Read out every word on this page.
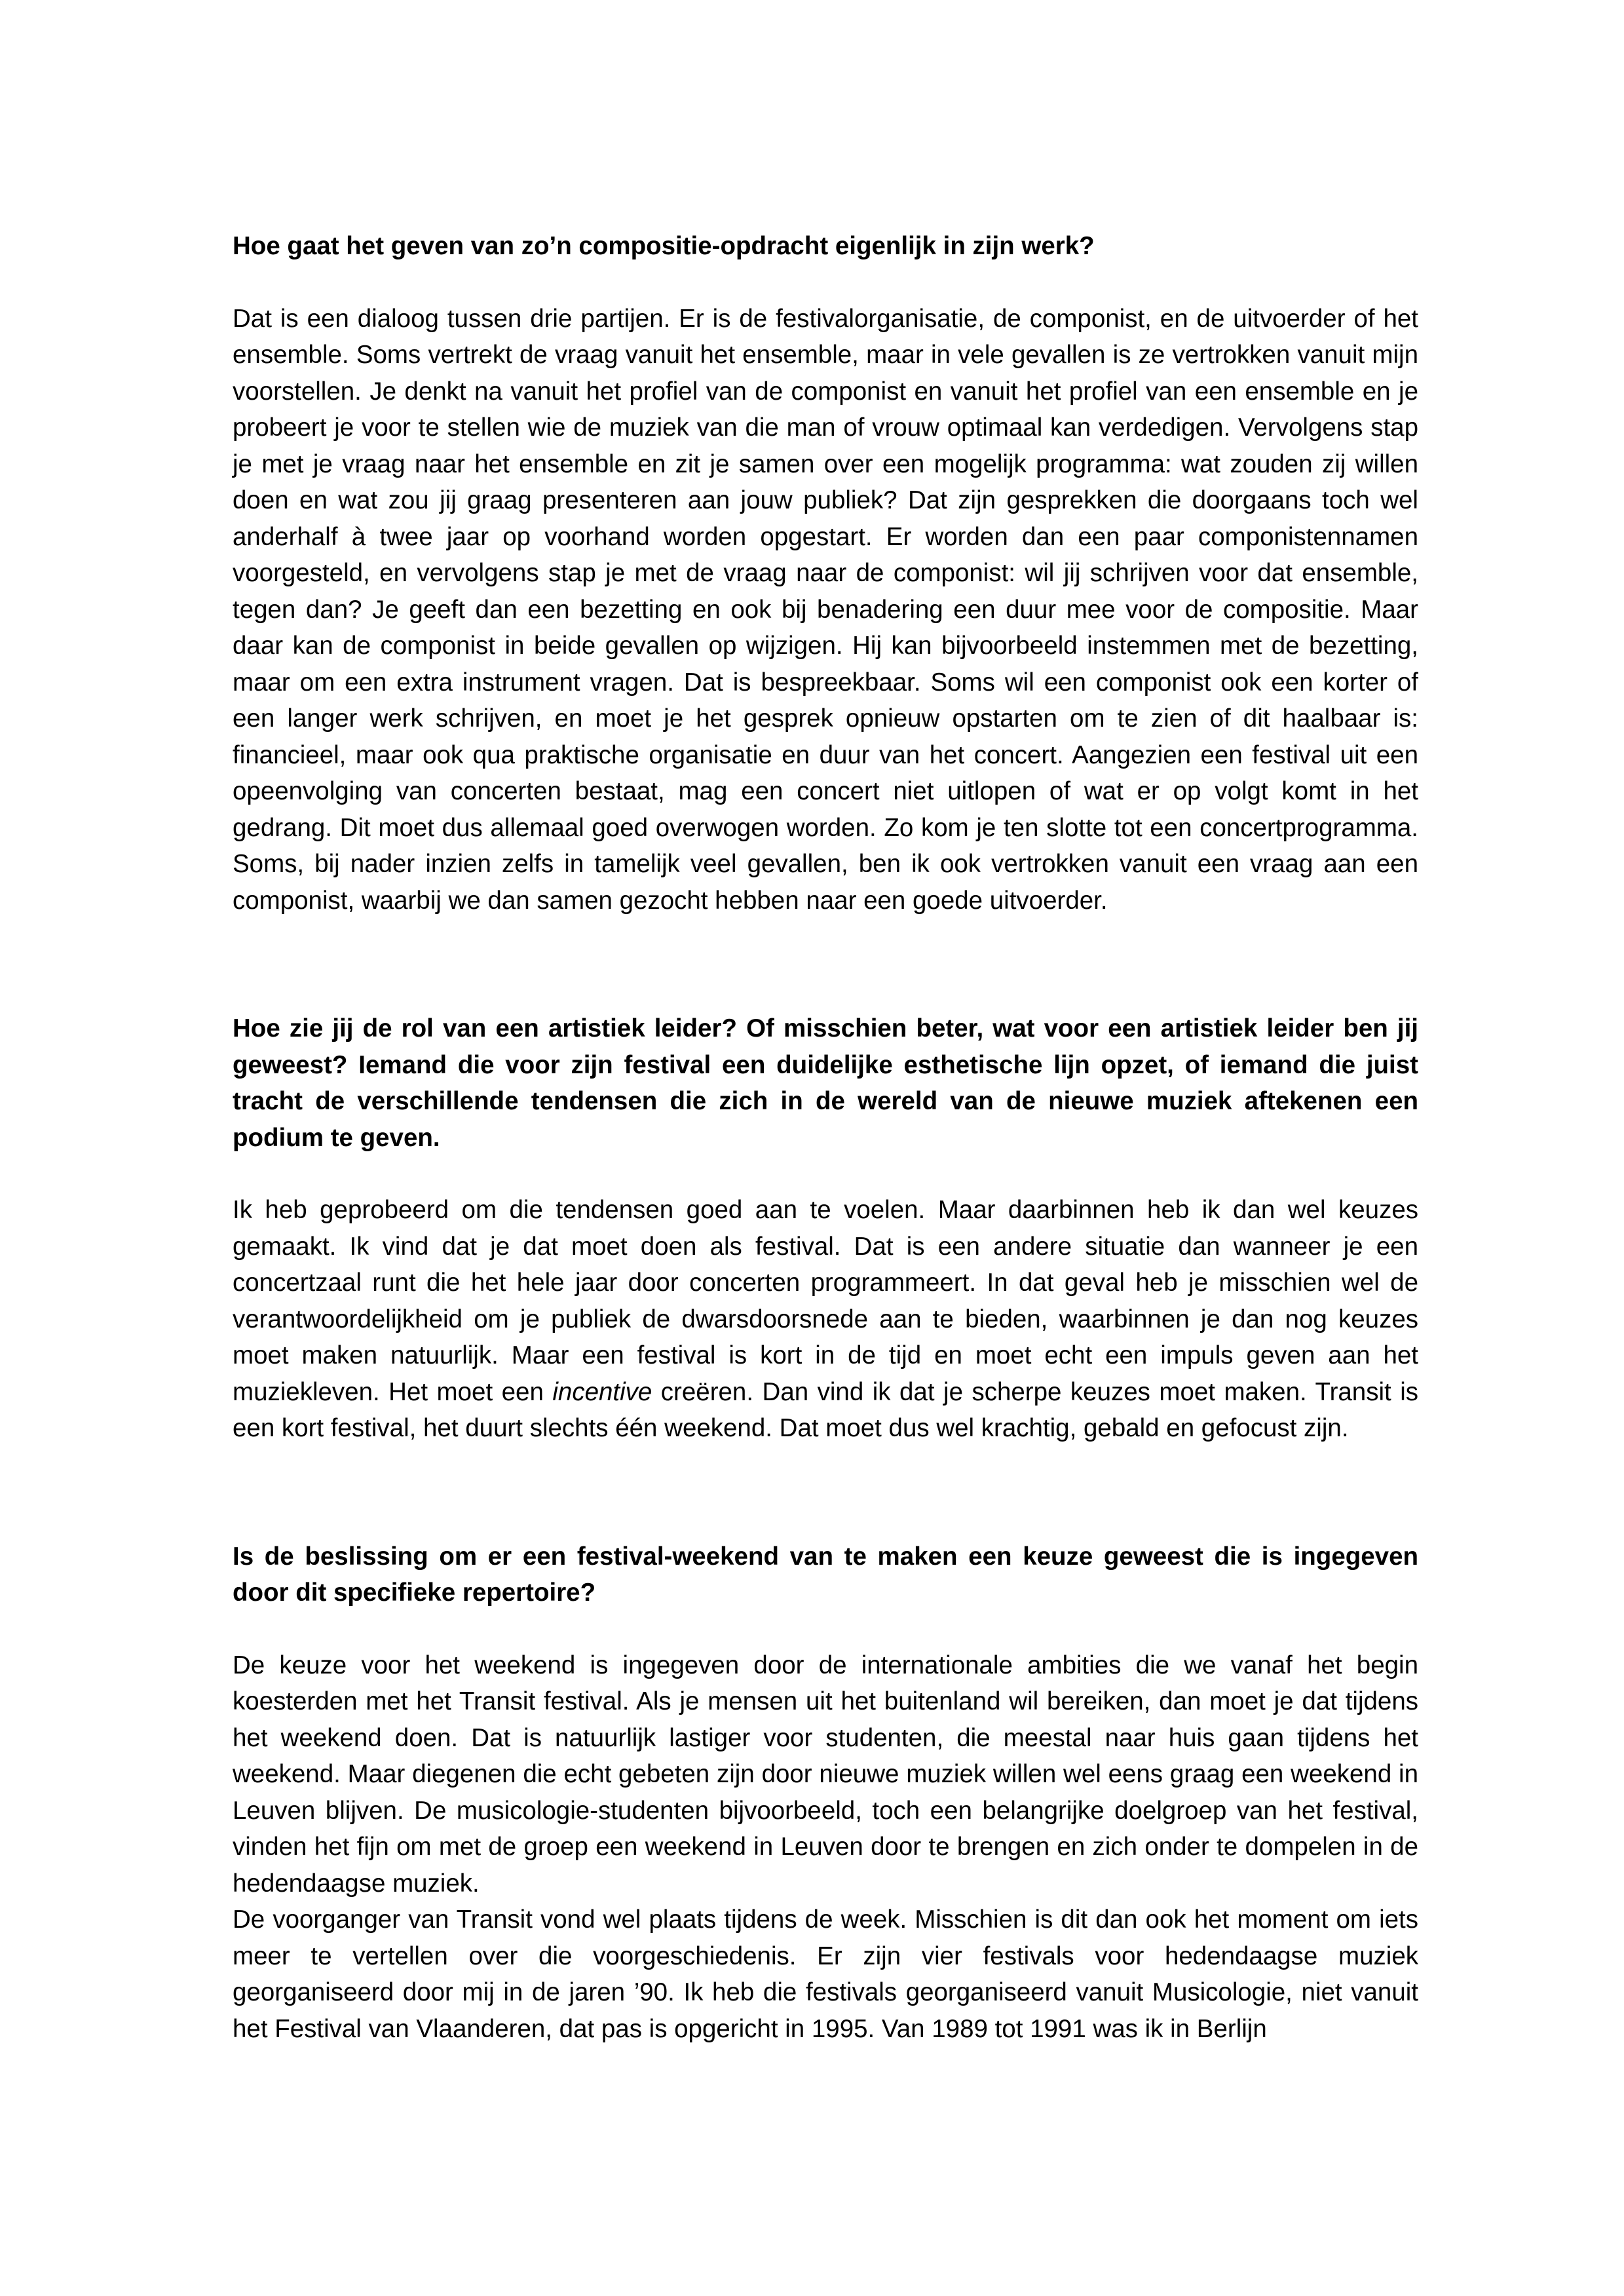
Hoe gaat het geven van zo’n compositie-opdracht eigenlijk in zijn werk?

Dat is een dialoog tussen drie partijen. Er is de festivalorganisatie, de componist, en de uitvoerder of het ensemble. Soms vertrekt de vraag vanuit het ensemble, maar in vele gevallen is ze vertrokken vanuit mijn voorstellen. Je denkt na vanuit het profiel van de componist en vanuit het profiel van een ensemble en je probeert je voor te stellen wie de muziek van die man of vrouw optimaal kan verdedigen. Vervolgens stap je met je vraag naar het ensemble en zit je samen over een mogelijk programma: wat zouden zij willen doen en wat zou jij graag presenteren aan jouw publiek? Dat zijn gesprekken die doorgaans toch wel anderhalf à twee jaar op voorhand worden opgestart. Er worden dan een paar componistennamen voorgesteld, en vervolgens stap je met de vraag naar de componist: wil jij schrijven voor dat ensemble, tegen dan? Je geeft dan een bezetting en ook bij benadering een duur mee voor de compositie. Maar daar kan de componist in beide gevallen op wijzigen. Hij kan bijvoorbeeld instemmen met de bezetting, maar om een extra instrument vragen. Dat is bespreekbaar. Soms wil een componist ook een korter of een langer werk schrijven, en moet je het gesprek opnieuw opstarten om te zien of dit haalbaar is: financieel, maar ook qua praktische organisatie en duur van het concert. Aangezien een festival uit een opeenvolging van concerten bestaat, mag een concert niet uitlopen of wat er op volgt komt in het gedrang. Dit moet dus allemaal goed overwogen worden. Zo kom je ten slotte tot een concertprogramma. Soms, bij nader inzien zelfs in tamelijk veel gevallen, ben ik ook vertrokken vanuit een vraag aan een componist, waarbij we dan samen gezocht hebben naar een goede uitvoerder.

Hoe zie jij de rol van een artistiek leider? Of misschien beter, wat voor een artistiek leider ben jij geweest? Iemand die voor zijn festival een duidelijke esthetische lijn opzet, of iemand die juist tracht de verschillende tendensen die zich in de wereld van de nieuwe muziek aftekenen een podium te geven.

Ik heb geprobeerd om die tendensen goed aan te voelen. Maar daarbinnen heb ik dan wel keuzes gemaakt. Ik vind dat je dat moet doen als festival. Dat is een andere situatie dan wanneer je een concertzaal runt die het hele jaar door concerten programmeert. In dat geval heb je misschien wel de verantwoordelijkheid om je publiek de dwarsdoorsnede aan te bieden, waarbinnen je dan nog keuzes moet maken natuurlijk. Maar een festival is kort in de tijd en moet echt een impuls geven aan het muziekleven. Het moet een incentive creëren. Dan vind ik dat je scherpe keuzes moet maken. Transit is een kort festival, het duurt slechts één weekend. Dat moet dus wel krachtig, gebald en gefocust zijn.

Is de beslissing om er een festival-weekend van te maken een keuze geweest die is ingegeven door dit specifieke repertoire?

De keuze voor het weekend is ingegeven door de internationale ambities die we vanaf het begin koesterden met het Transit festival. Als je mensen uit het buitenland wil bereiken, dan moet je dat tijdens het weekend doen. Dat is natuurlijk lastiger voor studenten, die meestal naar huis gaan tijdens het weekend. Maar diegenen die echt gebeten zijn door nieuwe muziek willen wel eens graag een weekend in Leuven blijven. De musicologie-studenten bijvoorbeeld, toch een belangrijke doelgroep van het festival, vinden het fijn om met de groep een weekend in Leuven door te brengen en zich onder te dompelen in de hedendaagse muziek.

De voorganger van Transit vond wel plaats tijdens de week. Misschien is dit dan ook het moment om iets meer te vertellen over die voorgeschiedenis. Er zijn vier festivals voor hedendaagse muziek georganiseerd door mij in de jaren ’90. Ik heb die festivals georganiseerd vanuit Musicologie, niet vanuit het Festival van Vlaanderen, dat pas is opgericht in 1995. Van 1989 tot 1991 was ik in Berlijn
